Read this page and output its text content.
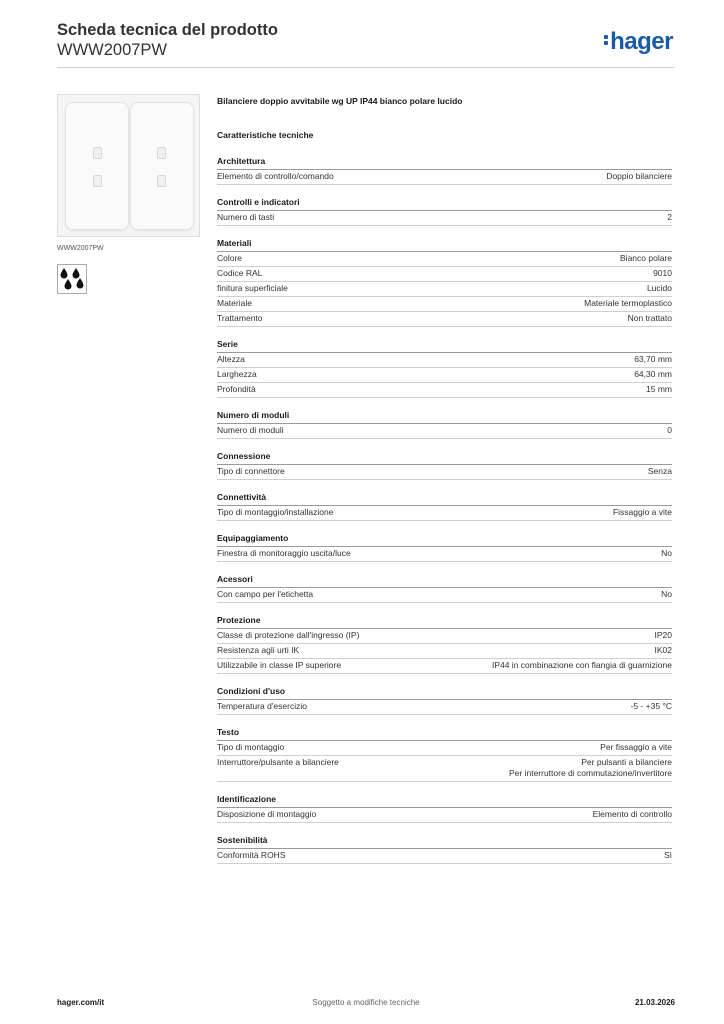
Scheda tecnica del prodotto
WWW2007PW	hager
WWW2007PW
Bilanciere doppio avvitabile wg UP IP44 bianco polare lucido
Caratteristiche tecniche
Architettura
Elemento di controllo/comando	Doppio bilanciere
Controlli e indicatori
Numero di tasti	2
Materiali
Colore	Bianco polare
Codice RAL	9010
finitura superficiale	Lucido
Materiale	Materiale termoplastico
Trattamento	Non trattato
Serie
Altezza	63,70 mm
Larghezza	64,30 mm
Profondità	15 mm
Numero di moduli
Numero di moduli	0
Connessione
Tipo di connettore	Senza
Connettività
Tipo di montaggio/installazione	Fissaggio a vite
Equipaggiamento
Finestra di monitoraggio uscita/luce	No
Acessori
Con campo per l'etichetta	No
Protezione
Classe di protezione dall'ingresso (IP)	IP20
Resistenza agli urti IK	IK02
Utilizzabile in classe IP superiore	IP44 in combinazione con flangia di guarnizione
Condizioni d'uso
Temperatura d'esercizio	-5 - +35 °C
Testo
Tipo di montaggio	Per fissaggio a vite
Interruttore/pulsante a bilanciere	Per pulsanti a bilanciere
Per interruttore di commutazione/invertitore
Identificazione
Disposizione di montaggio	Elemento di controllo
Sostenibilità
Conformità ROHS	Sì
hager.com/it	Soggetto a modifiche tecniche	21.03.2026
